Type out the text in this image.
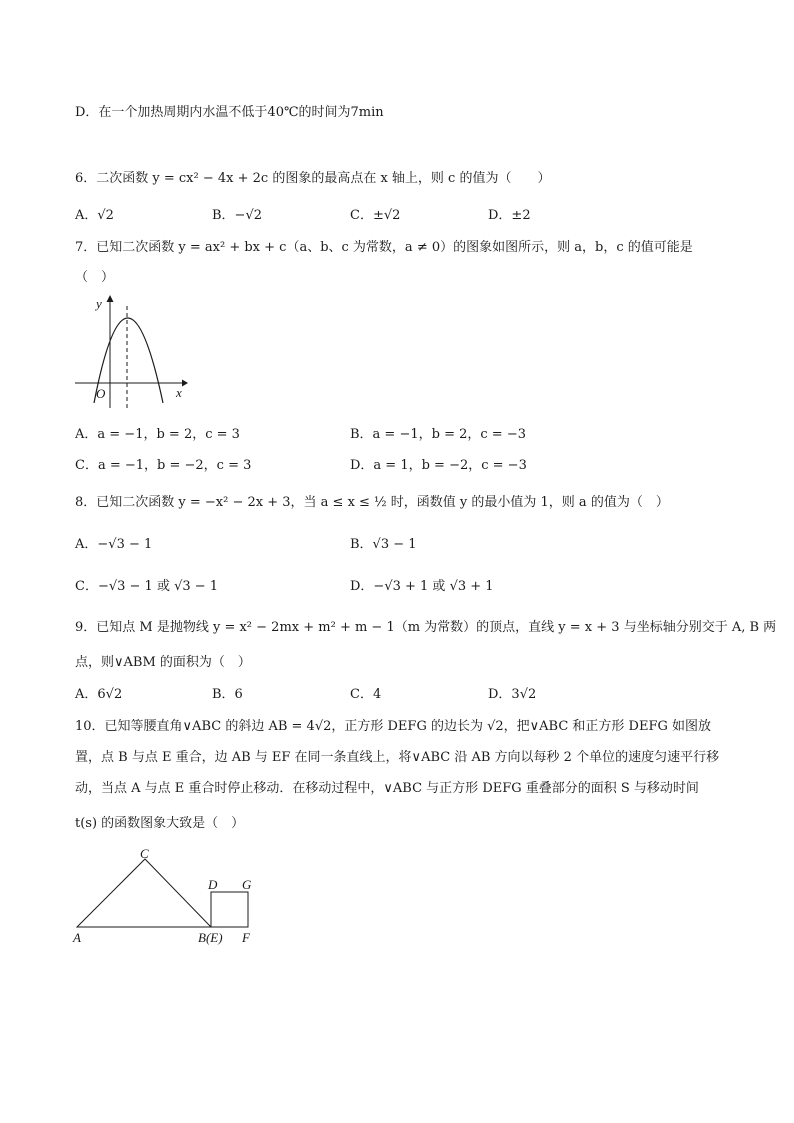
D．在一个加热周期内水温不低于40℃的时间为7min
6．二次函数 y = cx² − 4x + 2c 的图象的最高点在 x 轴上，则 c 的值为（　　）
A．√2	B．−√2	C．±√2	D．±2
7．已知二次函数 y = ax² + bx + c（a、b、c 为常数，a ≠ 0）的图象如图所示，则 a，b，c 的值可能是
（　）
y
x
O
A．a = −1，b = 2，c = 3	B．a = −1，b = 2，c = −3
C．a = −1，b = −2，c = 3	D．a = 1，b = −2，c = −3
8．已知二次函数 y = −x² − 2x + 3，当 a ≤ x ≤ ½ 时，函数值 y 的最小值为 1，则 a 的值为（　）
A．−√3 − 1	B．√3 − 1
C．−√3 − 1 或 √3 − 1	D．−√3 + 1 或 √3 + 1
9．已知点 M 是抛物线 y = x² − 2mx + m² + m − 1（m 为常数）的顶点，直线 y = x + 3 与坐标轴分别交于 A, B 两
点，则∨ABM 的面积为（　）
A．6√2	B．6	C．4	D．3√2
10．已知等腰直角∨ABC 的斜边 AB = 4√2，正方形 DEFG 的边长为 √2，把∨ABC 和正方形 DEFG 如图放
置，点 B 与点 E 重合，边 AB 与 EF 在同一条直线上，将∨ABC 沿 AB 方向以每秒 2 个单位的速度匀速平行移
动，当点 A 与点 E 重合时停止移动．在移动过程中，∨ABC 与正方形 DEFG 重叠部分的面积 S 与移动时间
t(s) 的函数图象大致是（　）
C
A	B(E) F
D G
